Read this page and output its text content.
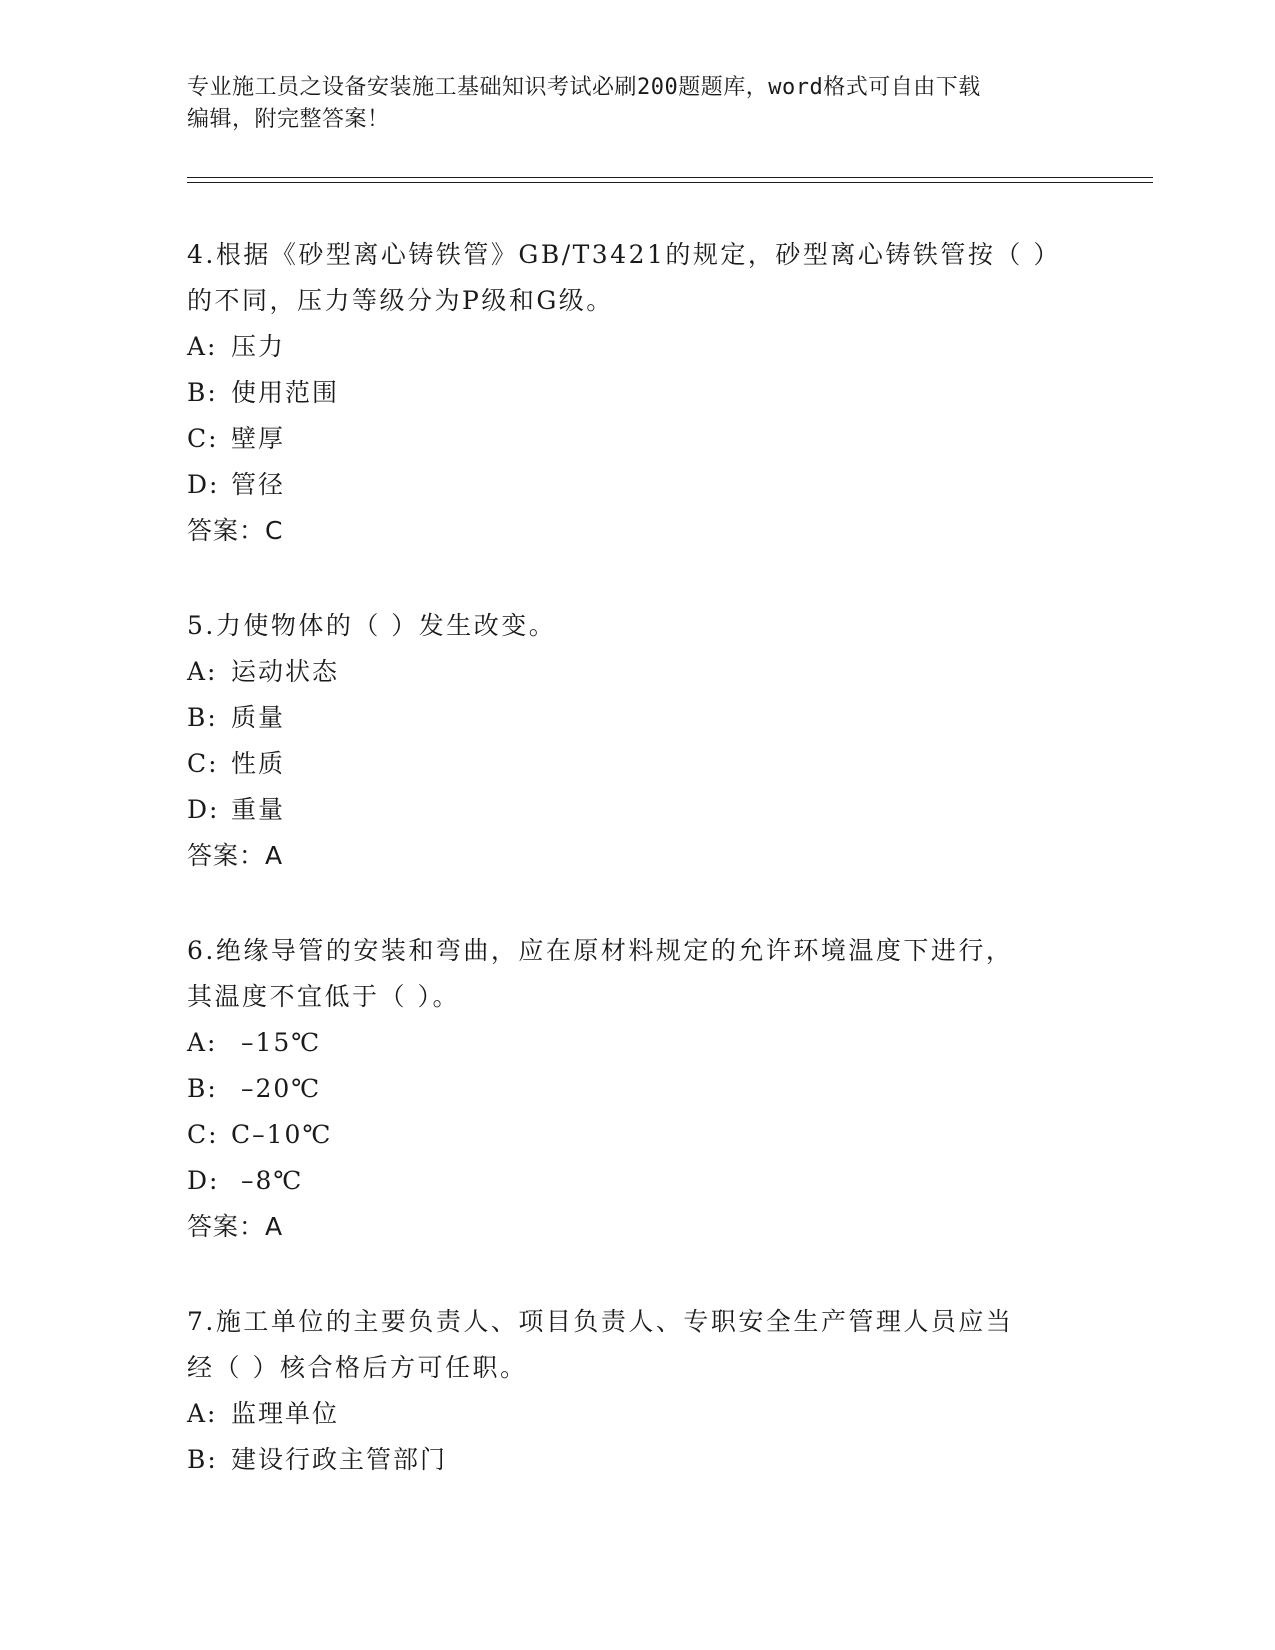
专业施工员之设备安装施工基础知识考试必刷200题题库，word格式可自由下载
编辑，附完整答案！
4.根据《砂型离心铸铁管》GB/T3421的规定，砂型离心铸铁管按（ ）
的不同，压力等级分为P级和G级。
A: 压力
B: 使用范围
C: 壁厚
D: 管径
答案：C
5.力使物体的（ ）发生改变。
A: 运动状态
B: 质量
C: 性质
D: 重量
答案：A
6.绝缘导管的安装和弯曲，应在原材料规定的允许环境温度下进行，
其温度不宜低于（ ）。
A: –15℃
B: –20℃
C: C–10℃
D: –8℃
答案：A
7.施工单位的主要负责人、项目负责人、专职安全生产管理人员应当
经（ ）核合格后方可任职。
A: 监理单位
B: 建设行政主管部门
